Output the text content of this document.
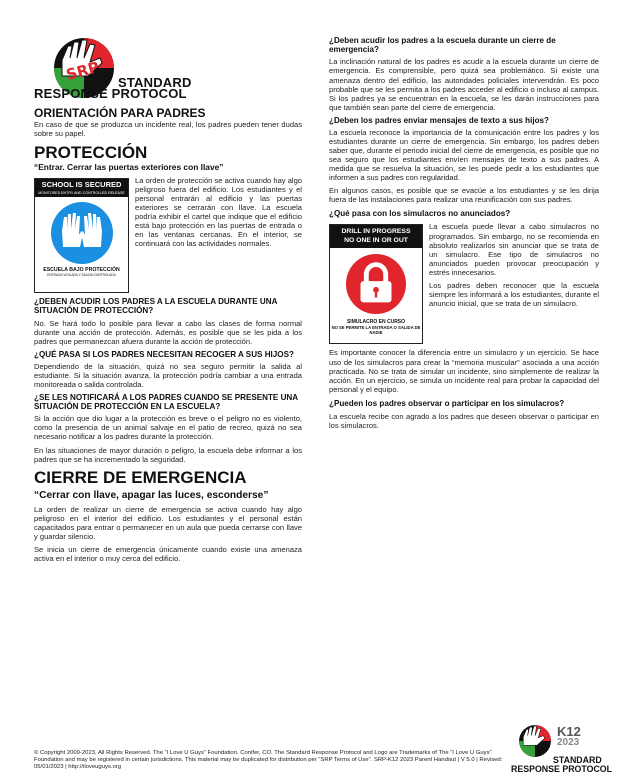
SRP STANDARD
RESPONSE PROTOCOL
ORIENTACIÓN PARA PADRES

En caso de que se produzca un incidente real, los padres pueden tener dudas sobre su papel.

PROTECCIÓN
“Entrar. Cerrar las puertas exteriores con llave”
SCHOOL IS SECURED
MONITORED ENTRY AND CONTROLLED RELEASE
ESCUELA BAJO PROTECCIÓN
ENTRADA VIGILADA Y SALIDA CONTROLADA

La orden de protección se activa cuando hay algo peligroso fuera del edificio. Los estudiantes y el personal entrarán al edificio y las puertas exteriores se cerrarán con llave. La escuela podría exhibir el cartel que indique que el edificio está bajo protección en las puertas de entrada o en las ventanas cercanas. En el interior, se continuará con las actividades normales.

¿DEBEN ACUDIR LOS PADRES A LA ESCUELA DURANTE UNA SITUACIÓN DE PROTECCIÓN?

No. Se hará todo lo posible para llevar a cabo las clases de forma normal durante una acción de protección. Además, es posible que se les pida a los padres que permanezcan afuera durante la acción de protección.

¿QUÉ PASA SI LOS PADRES NECESITAN RECOGER A SUS HIJOS?

Dependiendo de la situación, quizá no sea seguro permitir la salida al estudiante. Si la situación avanza, la protección podría cambiar a una entrada monitoreada o salida controlada.

¿SE LES NOTIFICARÁ A LOS PADRES CUANDO SE PRESENTE UNA SITUACIÓN DE PROTECCIÓN EN LA ESCUELA?

Si la acción que dio lugar a la protección es breve o el peligro no es violento, como la presencia de un animal salvaje en el patio de recreo, quizá no sea necesario notificar a los padres durante la protección.

En las situaciones de mayor duración o peligro, la escuela debe informar a los padres que se ha incrementado la seguridad.

CIERRE DE EMERGENCIA
“Cerrar con llave, apagar las luces, esconderse”

La orden de realizar un cierre de emergencia se activa cuando hay algo peligroso en el interior del edificio. Los estudiantes y el personal están capacitados para entrar o permanecer en un aula que pueda cerrarse con llave y guardar silencio.

Se inicia un cierre de emergencia únicamente cuando existe una amenaza activa en el interior o muy cerca del edificio.

¿Deben acudir los padres a la escuela durante un cierre de emergencia?

La inclinación natural de los padres es acudir a la escuela durante un cierre de emergencia. Es comprensible, pero quizá sea problemático. Si existe una amenaza dentro del edificio, las autoridades policiales intervendrán. Es poco probable que se les permita a los padres acceder al edificio o incluso al campus. Si los padres ya se encuentran en la escuela, se les darán instrucciones para que también sean parte del cierre de emergencia.

¿Deben los padres enviar mensajes de texto a sus hijos?

La escuela reconoce la importancia de la comunicación entre los padres y los estudiantes durante un cierre de emergencia. Sin embargo, los padres deben saber que, durante el periodo inicial del cierre de emergencia, es posible que no sea seguro que los estudiantes envíen mensajes de texto a sus padres. A medida que se resuelva la situación, se les puede pedir a los estudiantes que informen a sus padres con regularidad.

En algunos casos, es posible que se evacúe a los estudiantes y se les dirija fuera de las instalaciones para realizar una reunificación con sus padres.

¿Qué pasa con los simulacros no anunciados?
DRILL IN PROGRESS
NO ONE IN OR OUT
SIMULACRO EN CURSO
NO SE PERMITE LA ENTRADA O SALIDA DE NADIE

La escuela puede llevar a cabo simulacros no programados. Sin embargo, no se recomienda en absoluto realizarlos sin anunciar que se trata de un simulacro. Ese tipo de simulacros no anunciados pueden provocar preocupación y estrés innecesarios.

Los padres deben reconocer que la escuela siempre les informará a los estudiantes, durante el anuncio inicial, que se trata de un simulacro.

Es importante conocer la diferencia entre un simulacro y un ejercicio. Se hace uso de los simulacros para crear la “memoria muscular” asociada a una acción practicada. No se trata de simular un incidente, sino simplemente de realizar la acción. En un ejercicio, se simula un incidente real para probar la capacidad del personal y el equipo.

¿Pueden los padres observar o participar en los simulacros?

La escuela recibe con agrado a los padres que deseen observar o participar en los simulacros.

© Copyright 2009-2023, All Rights Reserved. The “I Love U Guys” Foundation. Conifer, CO. The Standard Response Protocol and Logo are Trademarks of The “I Love U Guys” Foundation and may be registered in certain jurisdictions. This material may be duplicated for distribution per “SRP Terms of Use”. SRP-K12 2023 Parent Handout | V 5.0 | Revised: 05/01/2023 | http://iloveuguys.org
K12
2023
STANDARD
RESPONSE PROTOCOL
